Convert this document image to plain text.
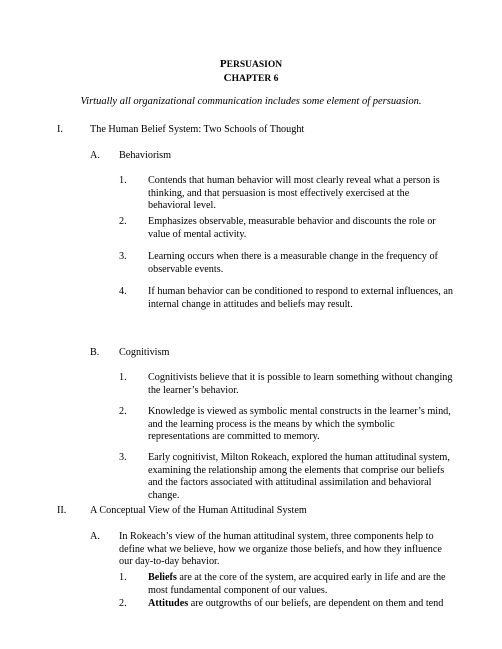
PERSUASION
CHAPTER 6
Virtually all organizational communication includes some element of persuasion.
I.	The Human Belief System: Two Schools of Thought
A. Behaviorism
1. Contends that human behavior will most clearly reveal what a person is
thinking, and that persuasion is most effectively exercised at the
behavioral level.
2. Emphasizes observable, measurable behavior and discounts the role or
value of mental activity.
3. Learning occurs when there is a measurable change in the frequency of
observable events.
4. If human behavior can be conditioned to respond to external influences, an
internal change in attitudes and beliefs may result.
B. Cognitivism
1. Cognitivists believe that it is possible to learn something without changing
the learner’s behavior.
2. Knowledge is viewed as symbolic mental constructs in the learner’s mind,
and the learning process is the means by which the symbolic
representations are committed to memory.
3. Early cognitivist, Milton Rokeach, explored the human attitudinal system,
examining the relationship among the elements that comprise our beliefs
and the factors associated with attitudinal assimilation and behavioral
change.
II. A Conceptual View of the Human Attitudinal System
A. In Rokeach’s view of the human attitudinal system, three components help to
define what we believe, how we organize those beliefs, and how they influence
our day-to-day behavior.
1. Beliefs are at the core of the system, are acquired early in life and are the
most fundamental component of our values.
2. Attitudes are outgrowths of our beliefs, are dependent on them and tend
